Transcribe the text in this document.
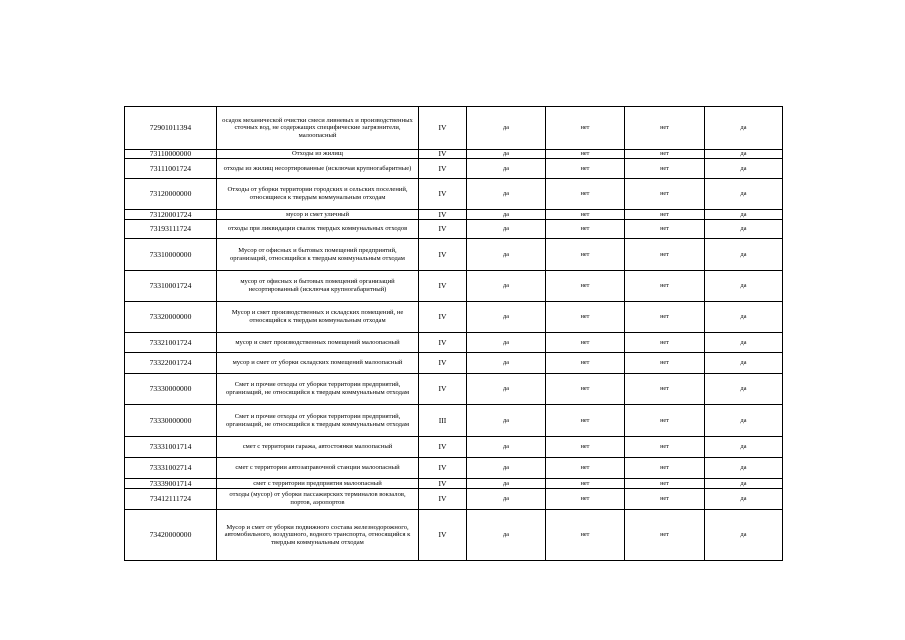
72901011394	осадок механической очистки смеси ливневых и производственных сточных вод, не содержащих специфические загрязнители, малоопасный	IV	да	нет	нет	да
73110000000	Отходы из жилищ	IV	да	нет	нет	да
73111001724	отходы из жилищ несортированные (исключая крупногабаритные)	IV	да	нет	нет	да
73120000000	Отходы от уборки территории городских и сельских поселений, относящиеся к твердым коммунальным отходам	IV	да	нет	нет	да
73120001724	мусор и смет уличный	IV	да	нет	нет	да
73193111724	отходы при ликвидации свалок твердых коммунальных отходов	IV	да	нет	нет	да
73310000000	Мусор от офисных и бытовых помещений предприятий, организаций, относящийся к твердым коммунальным отходам	IV	да	нет	нет	да
73310001724	мусор от офисных и бытовых помещений организаций несортированный (исключая крупногабаритный)	IV	да	нет	нет	да
73320000000	Мусор и смет производственных и складских помещений, не относящийся к твердым коммунальным отходам	IV	да	нет	нет	да
73321001724	мусор и смет производственных помещений малоопасный	IV	да	нет	нет	да
73322001724	мусор и смет от уборки складских помещений малоопасный	IV	да	нет	нет	да
73330000000	Смет и прочие отходы от уборки территории предприятий, организаций, не относящийся к твердым коммунальным отходам	IV	да	нет	нет	да
73330000000	Смет и прочие отходы от уборки территории предприятий, организаций, не относящийся к твердым коммунальным отходам	III	да	нет	нет	да
73331001714	смет с территории гаража, автостоянки малоопасный	IV	да	нет	нет	да
73331002714	смет с территории автозаправочной станции малоопасный	IV	да	нет	нет	да
73339001714	смет с территории предприятия малоопасный	IV	да	нет	нет	да
73412111724	отходы (мусор) от уборки пассажирских терминалов вокзалов, портов, аэропортов	IV	да	нет	нет	да
73420000000	Мусор и смет от уборки подвижного состава железнодорожного, автомобильного, воздушного, водного транспорта, относящийся к твердым коммунальным отходам	IV	да	нет	нет	да
